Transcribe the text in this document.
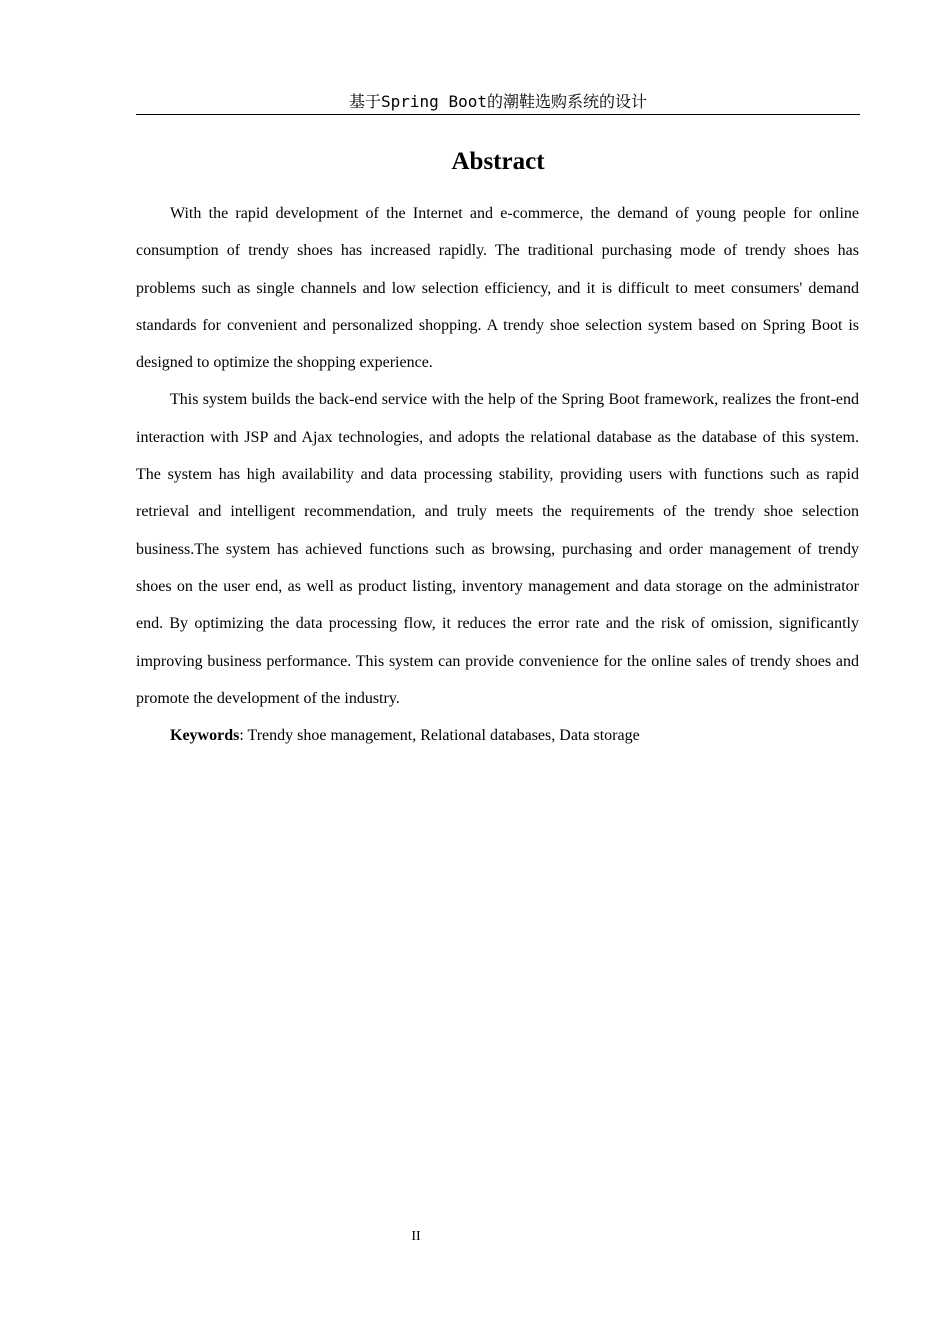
基于Spring Boot的潮鞋选购系统的设计
Abstract

With the rapid development of the Internet and e-commerce, the demand of young people for online consumption of trendy shoes has increased rapidly. The traditional purchasing mode of trendy shoes has problems such as single channels and low selection efficiency, and it is difficult to meet consumers' demand standards for convenient and personalized shopping. A trendy shoe selection system based on Spring Boot is designed to optimize the shopping experience.

This system builds the back-end service with the help of the Spring Boot framework, realizes the front-end interaction with JSP and Ajax technologies, and adopts the relational database as the database of this system. The system has high availability and data processing stability, providing users with functions such as rapid retrieval and intelligent recommendation, and truly meets the requirements of the trendy shoe selection business.The system has achieved functions such as browsing, purchasing and order management of trendy shoes on the user end, as well as product listing, inventory management and data storage on the administrator end. By optimizing the data processing flow, it reduces the error rate and the risk of omission, significantly improving business performance. This system can provide convenience for the online sales of trendy shoes and promote the development of the industry.

Keywords: Trendy shoe management, Relational databases, Data storage

II
